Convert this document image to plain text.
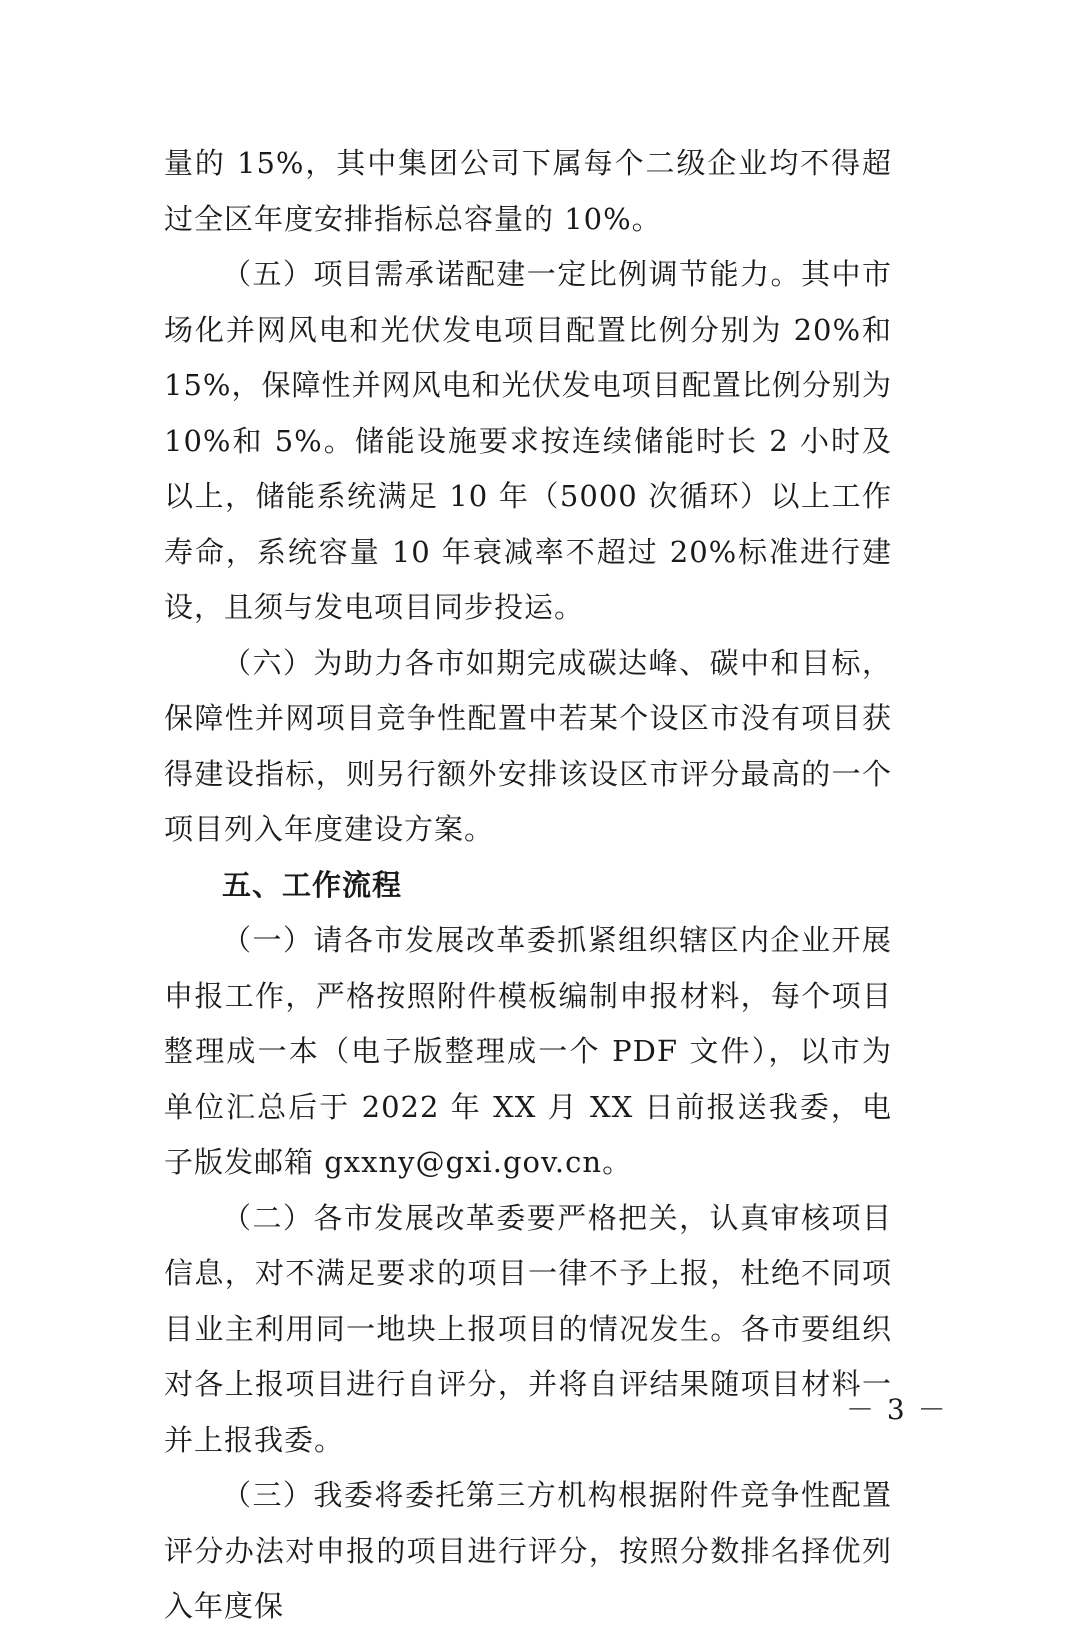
量的 15%，其中集团公司下属每个二级企业均不得超过全区年度安排指标总容量的 10%。

（五）项目需承诺配建一定比例调节能力。其中市场化并网风电和光伏发电项目配置比例分别为 20%和 15%，保障性并网风电和光伏发电项目配置比例分别为 10%和 5%。储能设施要求按连续储能时长 2 小时及以上，储能系统满足 10 年（5000 次循环）以上工作寿命，系统容量 10 年衰减率不超过 20%标准进行建设，且须与发电项目同步投运。

（六）为助力各市如期完成碳达峰、碳中和目标，保障性并网项目竞争性配置中若某个设区市没有项目获得建设指标，则另行额外安排该设区市评分最高的一个项目列入年度建设方案。

五、工作流程

（一）请各市发展改革委抓紧组织辖区内企业开展申报工作，严格按照附件模板编制申报材料，每个项目整理成一本（电子版整理成一个 PDF 文件），以市为单位汇总后于 2022 年 XX 月 XX 日前报送我委，电子版发邮箱 gxxny@gxi.gov.cn。

（二）各市发展改革委要严格把关，认真审核项目信息，对不满足要求的项目一律不予上报，杜绝不同项目业主利用同一地块上报项目的情况发生。各市要组织对各上报项目进行自评分，并将自评结果随项目材料一并上报我委。

（三）我委将委托第三方机构根据附件竞争性配置评分办法对申报的项目进行评分，按照分数排名择优列入年度保

－ 3 －
